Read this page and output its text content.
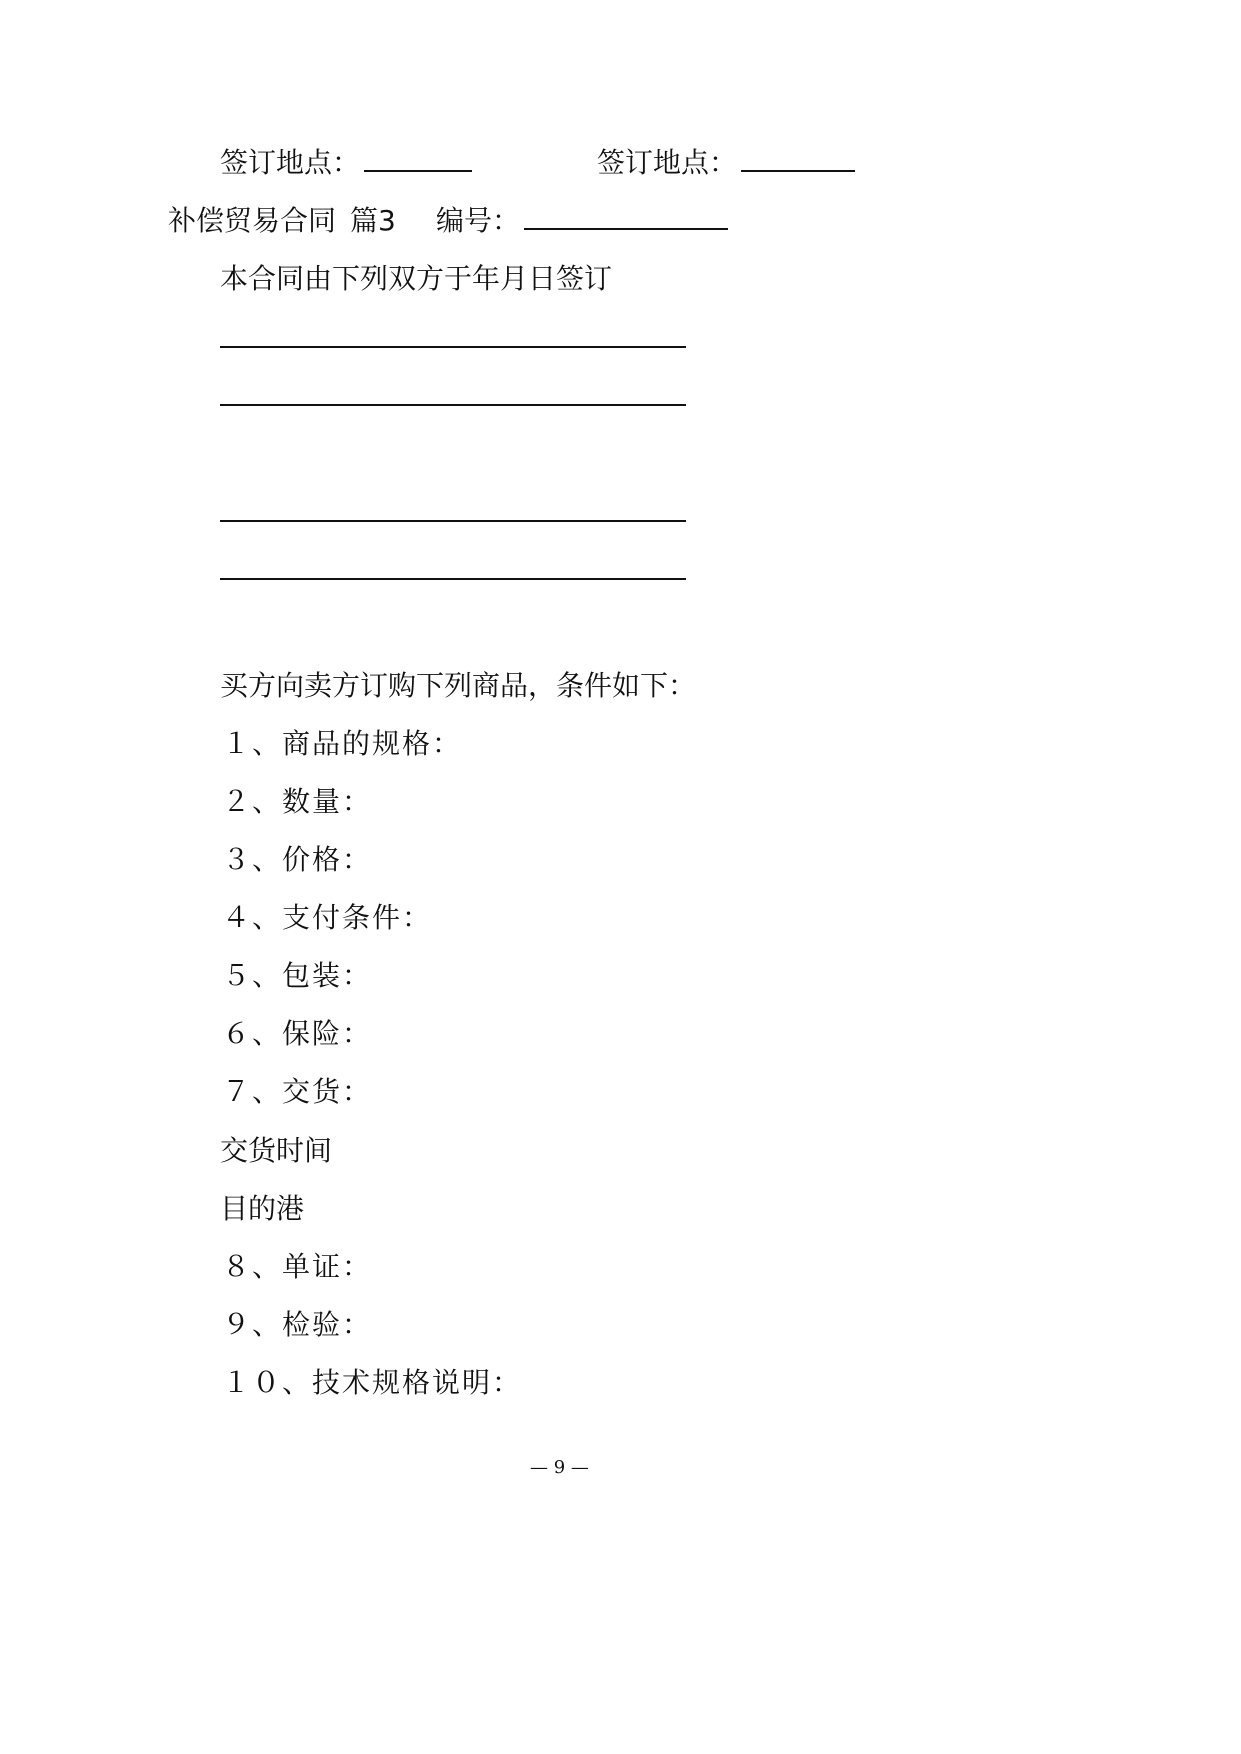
签订地点：	签订地点：
补偿贸易合同 篇3 编号：
本合同由下列双方于年月日签订
买方向卖方订购下列商品，条件如下：
１、商品的规格：
２、数量：
３、价格：
４、支付条件：
５、包装：
６、保险：
７、交货：
交货时间
目的港
８、单证：
９、检验：
１０、技术规格说明：
— 9 —
